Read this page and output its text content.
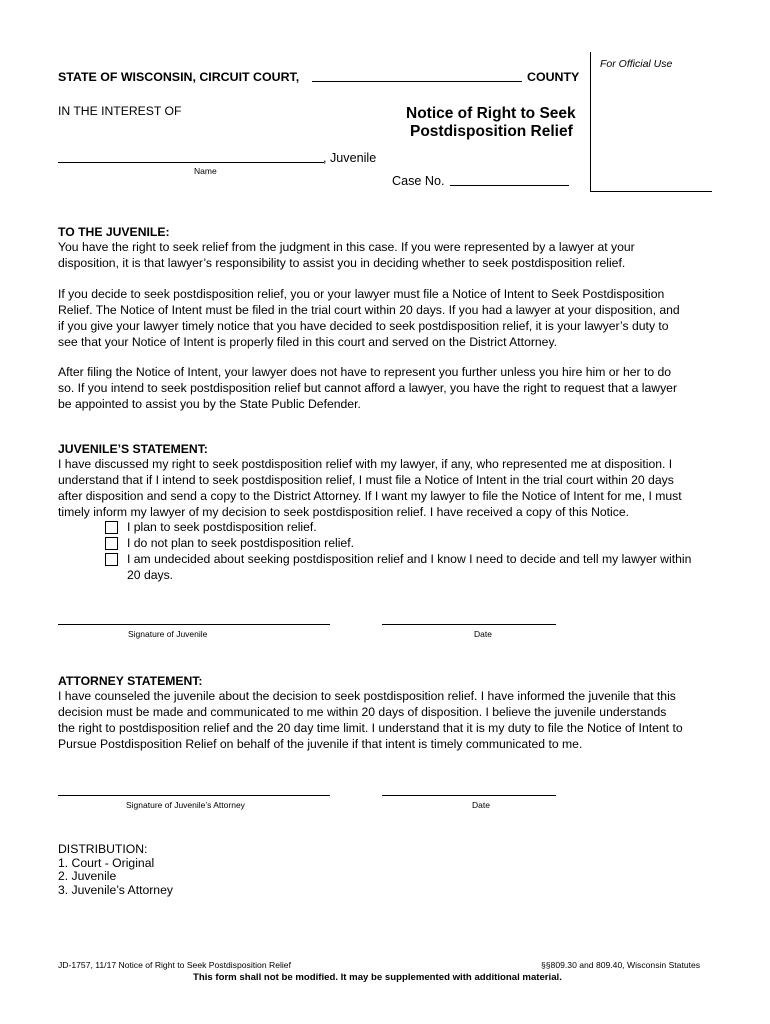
For Official Use
STATE OF WISCONSIN, CIRCUIT COURT,	COUNTY
IN THE INTEREST OF	Notice of Right to Seek
Postdisposition Relief
, Juvenile
Name
Case No.
TO THE JUVENILE:
You have the right to seek relief from the judgment in this case. If you were represented by a lawyer at your
disposition, it is that lawyer’s responsibility to assist you in deciding whether to seek postdisposition relief.
If you decide to seek postdisposition relief, you or your lawyer must file a Notice of Intent to Seek Postdisposition
Relief. The Notice of Intent must be filed in the trial court within 20 days. If you had a lawyer at your disposition, and
if you give your lawyer timely notice that you have decided to seek postdisposition relief, it is your lawyer’s duty to
see that your Notice of Intent is properly filed in this court and served on the District Attorney.
After filing the Notice of Intent, your lawyer does not have to represent you further unless you hire him or her to do
so. If you intend to seek postdisposition relief but cannot afford a lawyer, you have the right to request that a lawyer
be appointed to assist you by the State Public Defender.
JUVENILE’S STATEMENT:
I have discussed my right to seek postdisposition relief with my lawyer, if any, who represented me at disposition. I
understand that if I intend to seek postdisposition relief, I must file a Notice of Intent in the trial court within 20 days
after disposition and send a copy to the District Attorney. If I want my lawyer to file the Notice of Intent for me, I must
timely inform my lawyer of my decision to seek postdisposition relief. I have received a copy of this Notice.
I plan to seek postdisposition relief.
I do not plan to seek postdisposition relief.
I am undecided about seeking postdisposition relief and I know I need to decide and tell my lawyer within
20 days.
Signature of Juvenile	Date
ATTORNEY STATEMENT:
I have counseled the juvenile about the decision to seek postdisposition relief. I have informed the juvenile that this
decision must be made and communicated to me within 20 days of disposition. I believe the juvenile understands
the right to postdisposition relief and the 20 day time limit. I understand that it is my duty to file the Notice of Intent to
Pursue Postdisposition Relief on behalf of the juvenile if that intent is timely communicated to me.
Signature of Juvenile’s Attorney	Date
DISTRIBUTION:
1. Court - Original
2. Juvenile
3. Juvenile’s Attorney
JD-1757, 11/17 Notice of Right to Seek Postdisposition Relief	§§809.30 and 809.40, Wisconsin Statutes
This form shall not be modified. It may be supplemented with additional material.
